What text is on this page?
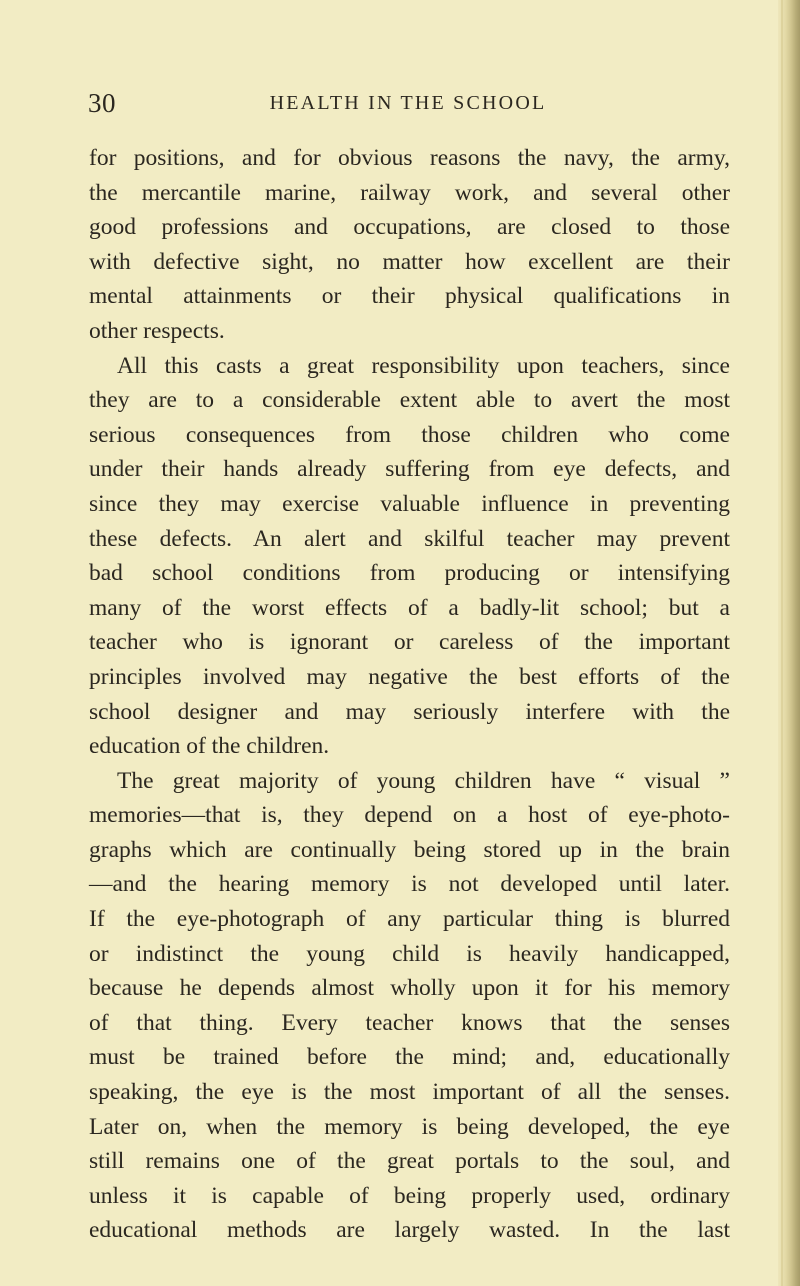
30	HEALTH IN THE SCHOOL
for positions, and for obvious reasons the navy, the army,
the mercantile marine, railway work, and several other
good professions and occupations, are closed to those
with defective sight, no matter how excellent are their
mental attainments or their physical qualifications in
other respects.
All this casts a great responsibility upon teachers, since
they are to a considerable extent able to avert the most
serious consequences from those children who come
under their hands already suffering from eye defects, and
since they may exercise valuable influence in preventing
these defects. An alert and skilful teacher may prevent
bad school conditions from producing or intensifying
many of the worst effects of a badly-lit school; but a
teacher who is ignorant or careless of the important
principles involved may negative the best efforts of the
school designer and may seriously interfere with the
education of the children.
The great majority of young children have “ visual ”
memories—that is, they depend on a host of eye-photo-
graphs which are continually being stored up in the brain
—and the hearing memory is not developed until later.
If the eye-photograph of any particular thing is blurred
or indistinct the young child is heavily handicapped,
because he depends almost wholly upon it for his memory
of that thing. Every teacher knows that the senses
must be trained before the mind; and, educationally
speaking, the eye is the most important of all the senses.
Later on, when the memory is being developed, the eye
still remains one of the great portals to the soul, and
unless it is capable of being properly used, ordinary
educational methods are largely wasted. In the last
